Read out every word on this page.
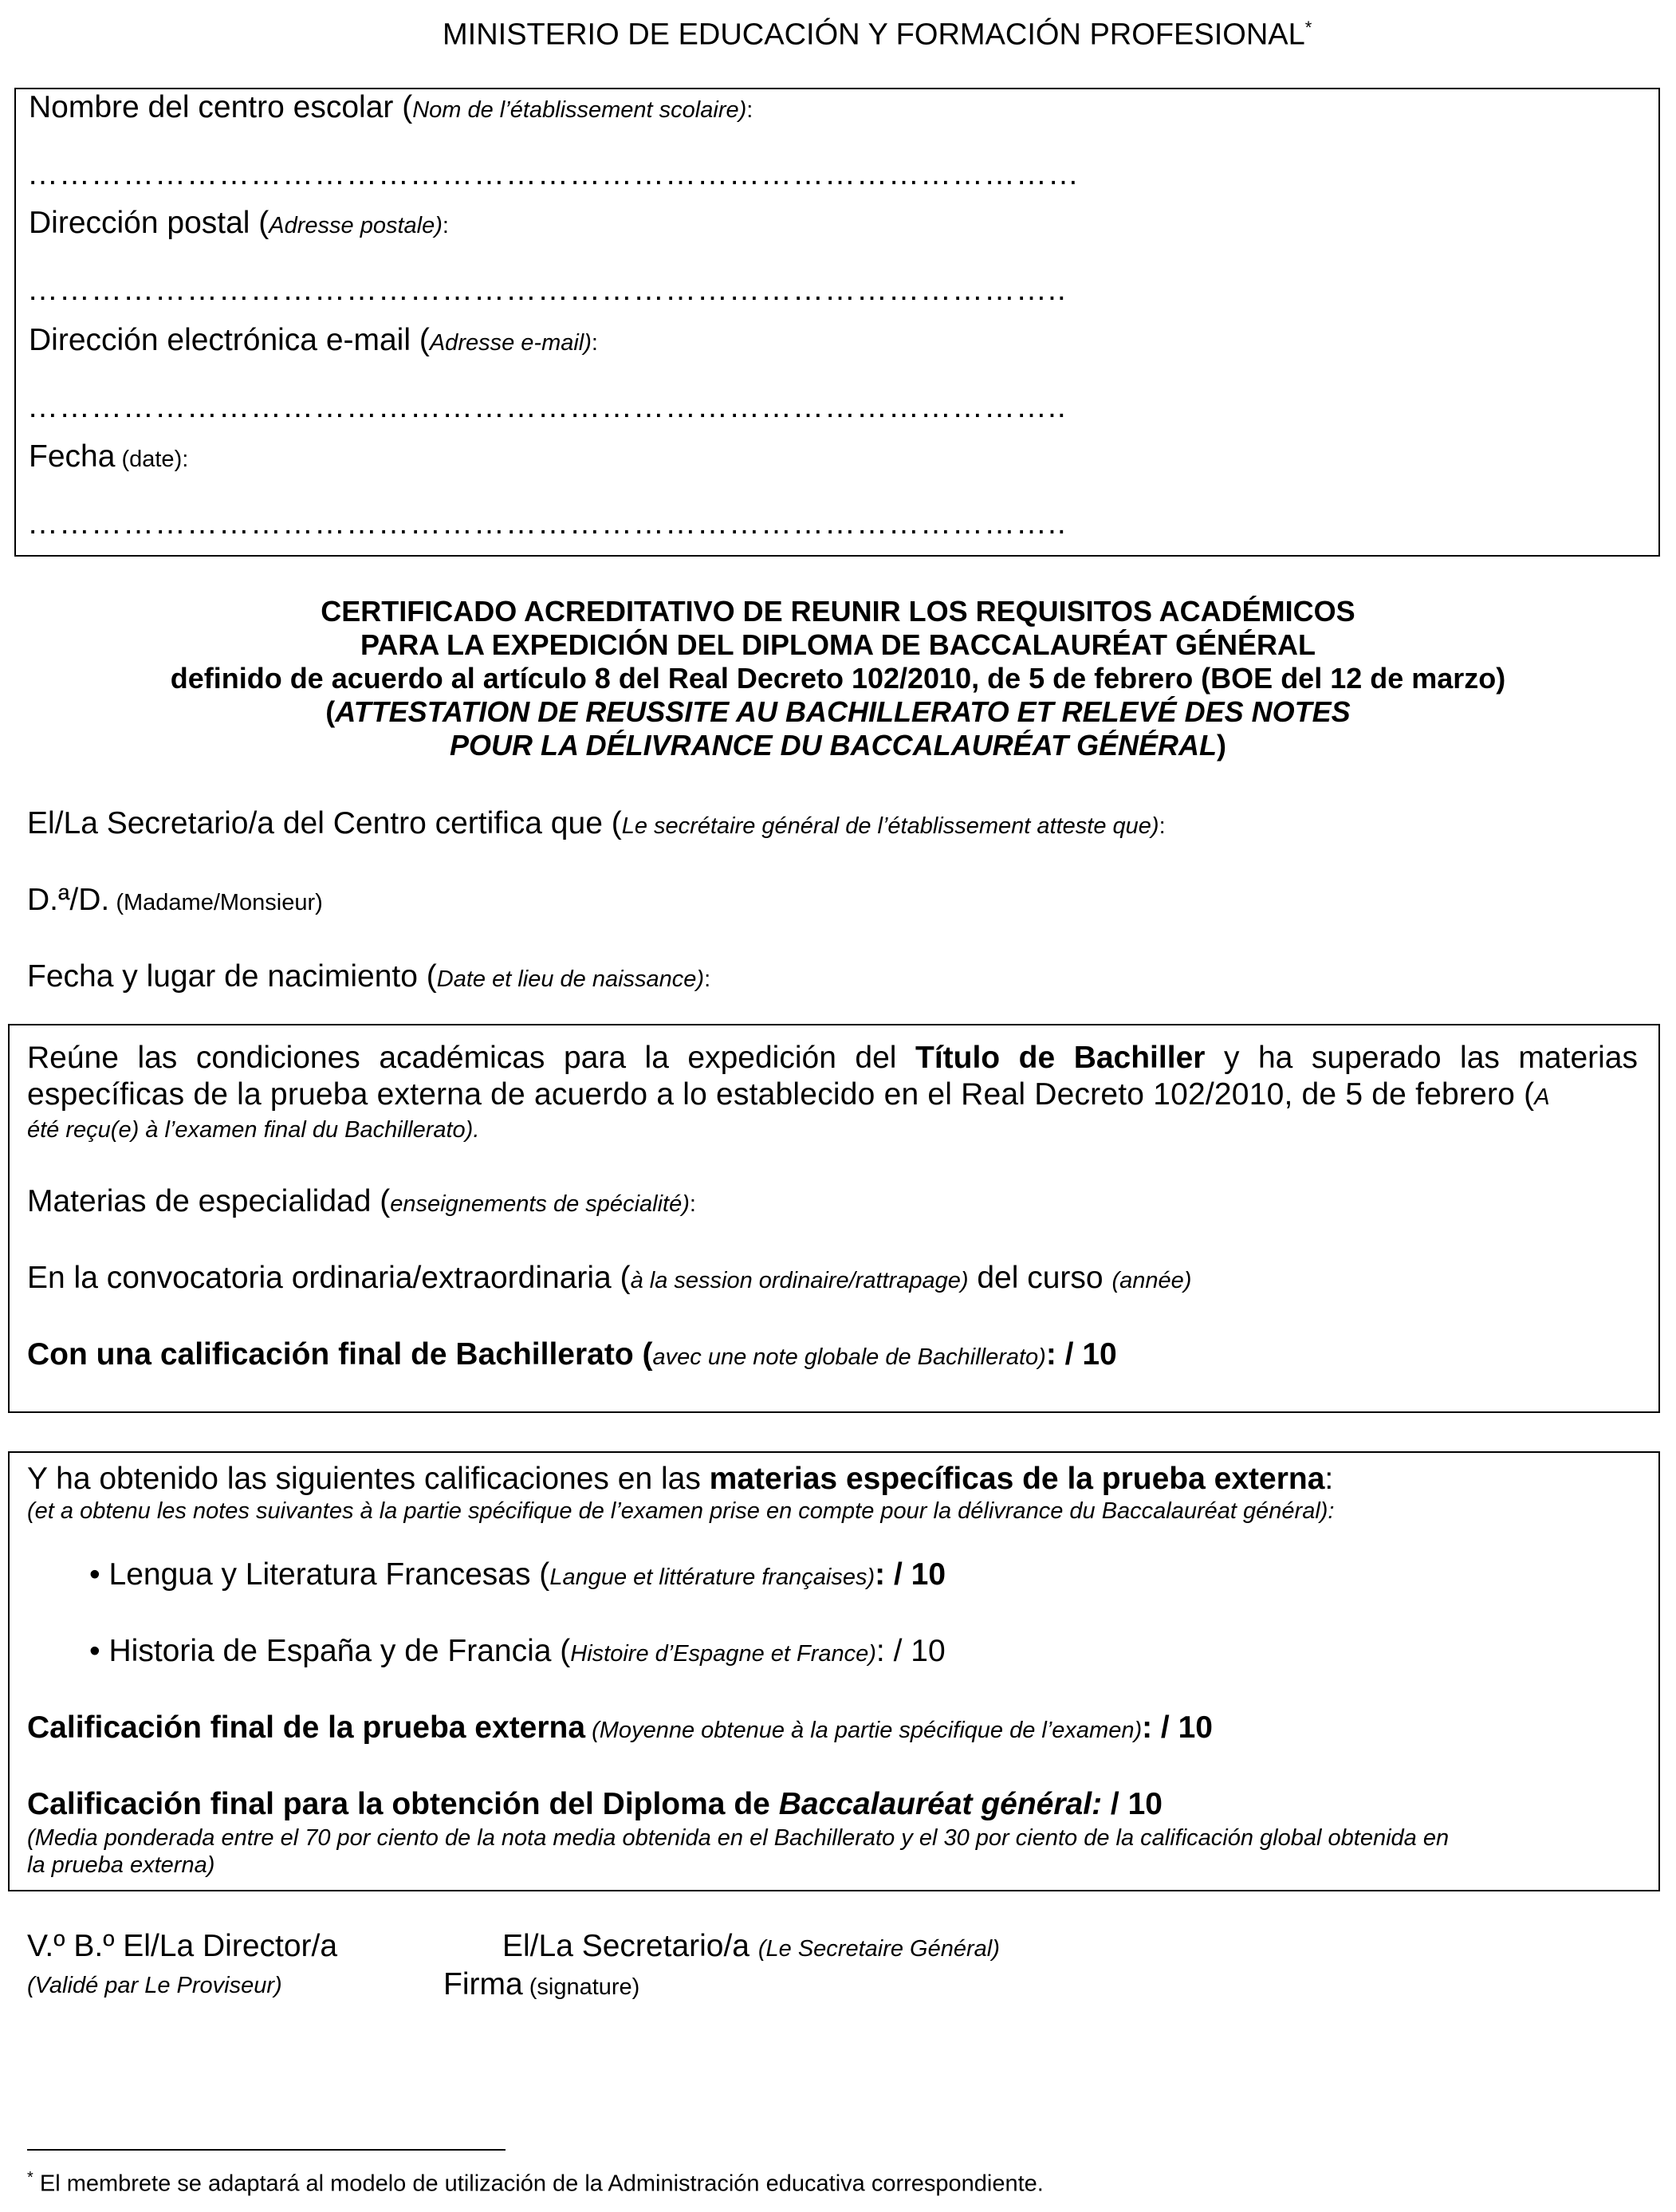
MINISTERIO DE EDUCACIÓN Y FORMACIÓN PROFESIONAL*
Nombre del centro escolar (Nom de l’établissement scolaire):
………………………………………………………………………………………
Dirección postal (Adresse postale):
……………………………………………………………………………………..
Dirección electrónica e-mail (Adresse e-mail):
……………………………………………………………………………………..
Fecha (date):
……………………………………………………………………………………..
CERTIFICADO ACREDITATIVO DE REUNIR LOS REQUISITOS ACADÉMICOS
PARA LA EXPEDICIÓN DEL DIPLOMA DE BACCALAURÉAT GÉNÉRAL
definido de acuerdo al artículo 8 del Real Decreto 102/2010, de 5 de febrero (BOE del 12 de marzo)
(ATTESTATION DE REUSSITE AU BACHILLERATO ET RELEVÉ DES NOTES
POUR LA DÉLIVRANCE DU BACCALAURÉAT GÉNÉRAL)
El/La Secretario/a del Centro certifica que (Le secrétaire général de l’établissement atteste que):
D.ª/D. (Madame/Monsieur)
Fecha y lugar de nacimiento (Date et lieu de naissance):
Reúne las condiciones académicas para la expedición del Título de Bachiller y ha superado las materias
específicas de la prueba externa de acuerdo a lo establecido en el Real Decreto 102/2010, de 5 de febrero (A
été reçu(e) à l’examen final du Bachillerato).
Materias de especialidad (enseignements de spécialité):
En la convocatoria ordinaria/extraordinaria (à la session ordinaire/rattrapage) del curso (année)
Con una calificación final de Bachillerato (avec une note globale de Bachillerato): / 10
Y ha obtenido las siguientes calificaciones en las materias específicas de la prueba externa:
(et a obtenu les notes suivantes à la partie spécifique de l’examen prise en compte pour la délivrance du Baccalauréat général):
• Lengua y Literatura Francesas (Langue et littérature françaises): / 10
• Historia de España y de Francia (Histoire d’Espagne et France): / 10
Calificación final de la prueba externa (Moyenne obtenue à la partie spécifique de l’examen): / 10
Calificación final para la obtención del Diploma de Baccalauréat général: / 10
(Media ponderada entre el 70 por ciento de la nota media obtenida en el Bachillerato y el 30 por ciento de la calificación global obtenida en
la prueba externa)
V.º B.º El/La Director/a
(Validé par Le Proviseur)
El/La Secretario/a (Le Secretaire Général)
Firma (signature)
* El membrete se adaptará al modelo de utilización de la Administración educativa correspondiente.
